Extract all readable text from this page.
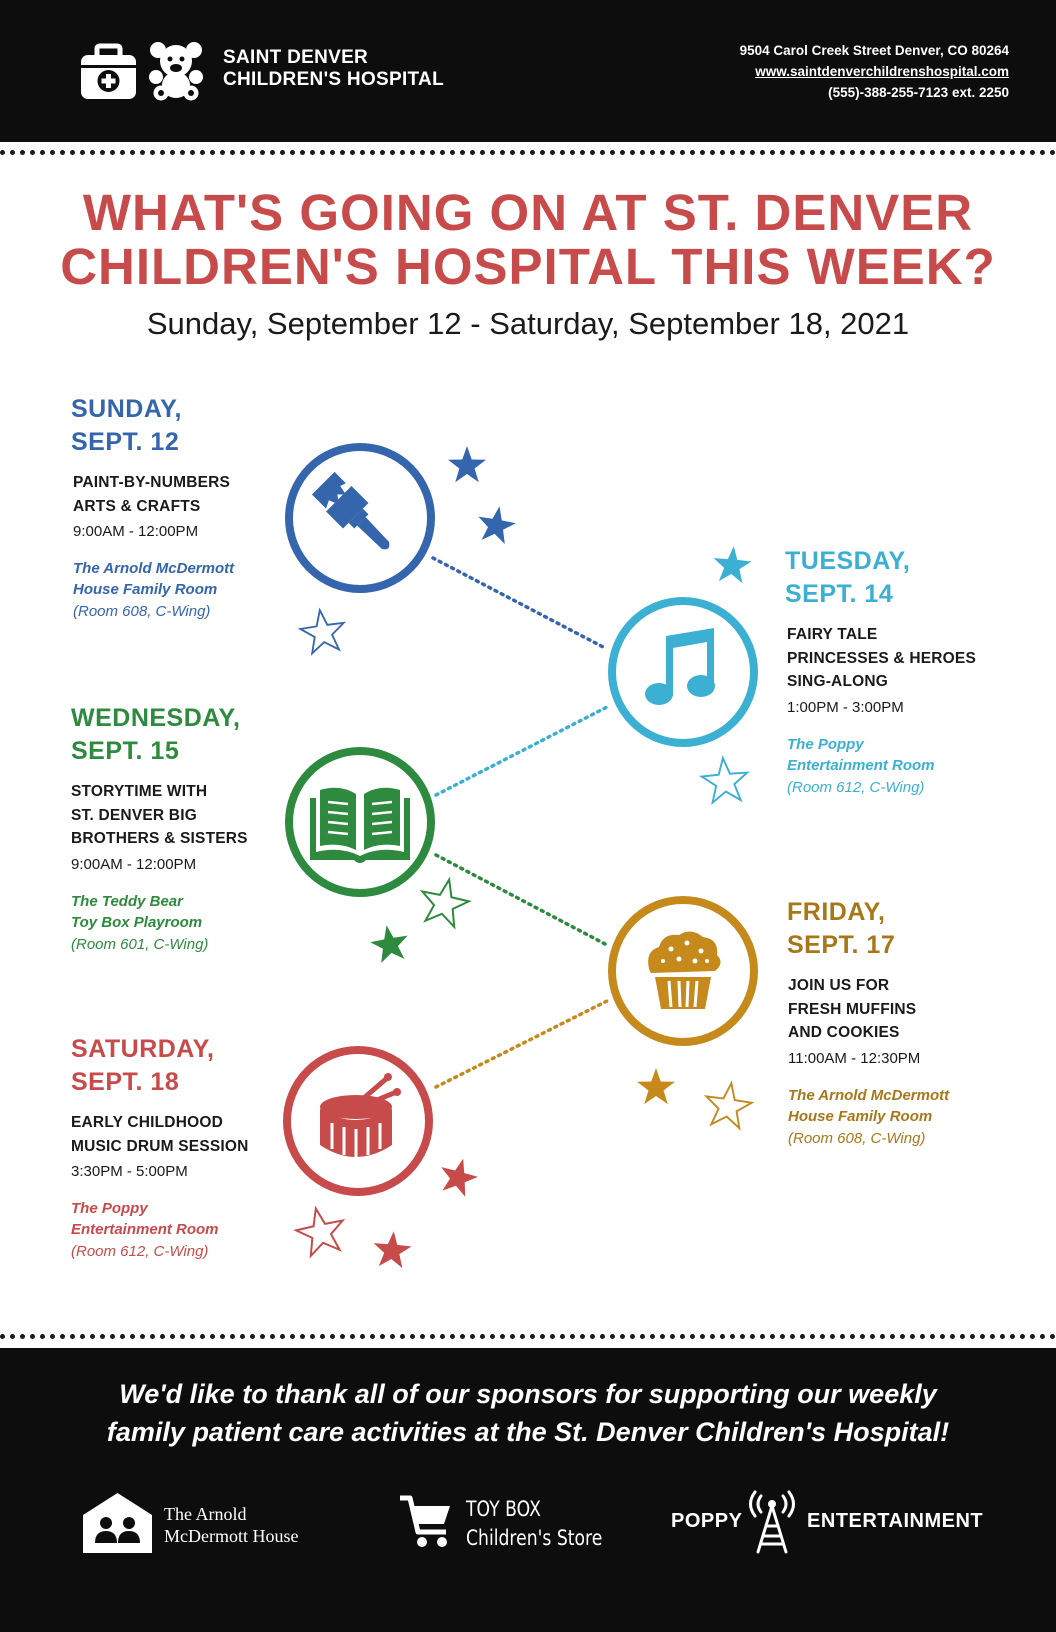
SAINT DENVER
CHILDREN'S HOSPITAL
9504 Carol Creek Street Denver, CO 80264
www.saintdenverchildrenshospital.com
(555)-388-255-7123 ext. 2250
WHAT'S GOING ON AT ST. DENVER
CHILDREN'S HOSPITAL THIS WEEK?
Sunday, September 12 - Saturday, September 18, 2021
SUNDAY,
SEPT. 12
PAINT-BY-NUMBERS
ARTS & CRAFTS
9:00AM - 12:00PM
The Arnold McDermott
House Family Room
(Room 608, C-Wing)
TUESDAY,
SEPT. 14
FAIRY TALE
PRINCESSES & HEROES
SING-ALONG
1:00PM - 3:00PM
The Poppy
Entertainment Room
(Room 612, C-Wing)
WEDNESDAY,
SEPT. 15
STORYTIME WITH
ST. DENVER BIG
BROTHERS & SISTERS
9:00AM - 12:00PM
The Teddy Bear
Toy Box Playroom
(Room 601, C-Wing)
FRIDAY,
SEPT. 17
JOIN US FOR
FRESH MUFFINS
AND COOKIES
11:00AM - 12:30PM
The Arnold McDermott
House Family Room
(Room 608, C-Wing)
SATURDAY,
SEPT. 18
EARLY CHILDHOOD
MUSIC DRUM SESSION
3:30PM - 5:00PM
The Poppy
Entertainment Room
(Room 612, C-Wing)
We'd like to thank all of our sponsors for supporting our weekly
family patient care activities at the St. Denver Children's Hospital!
The Arnold
McDermott House
TOY BOX
Children's Store
POPPY	ENTERTAINMENT
